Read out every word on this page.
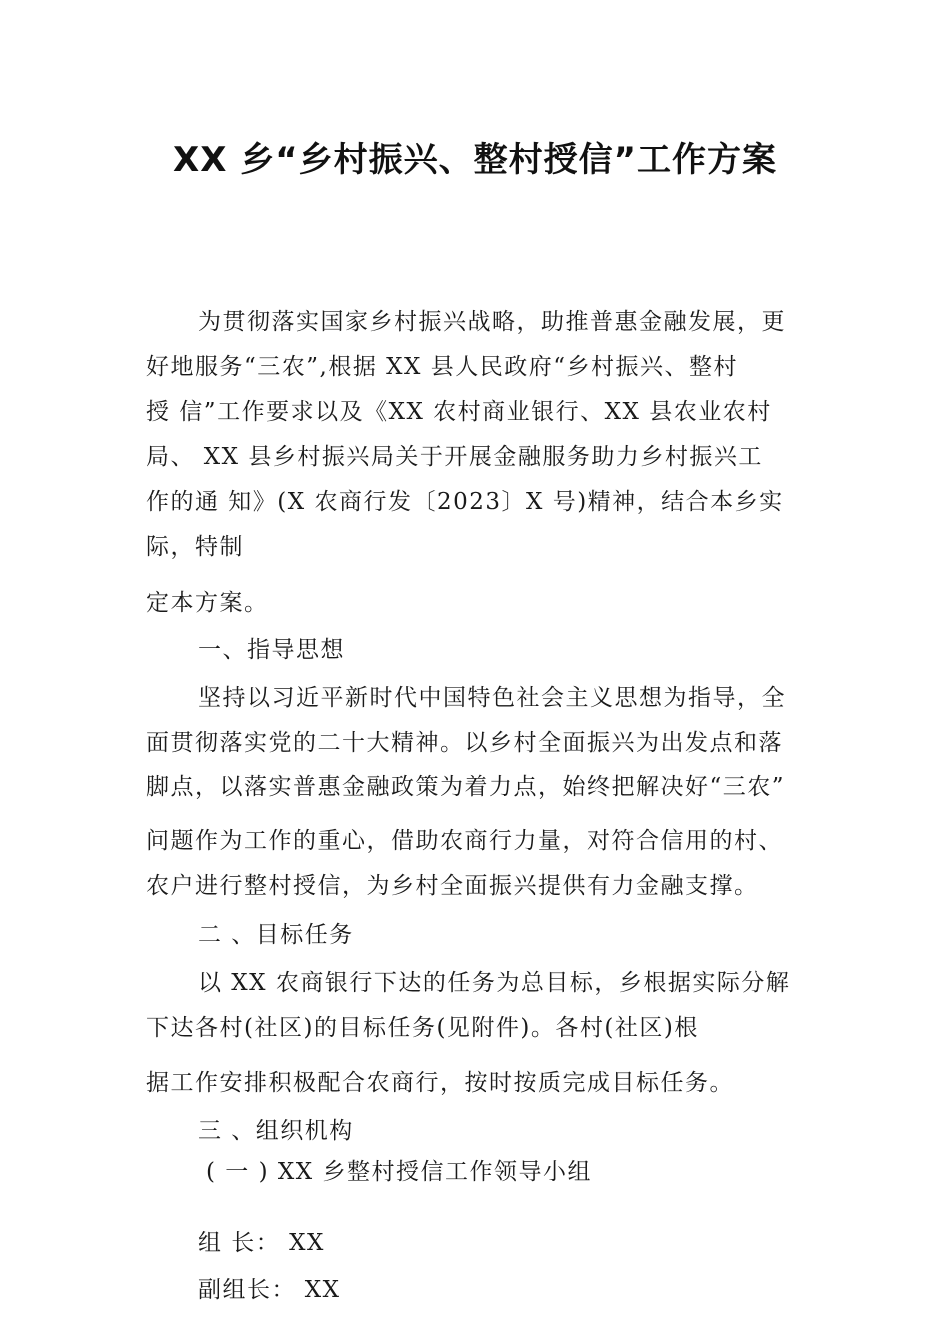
XX 乡“乡村振兴、整村授信”工作方案
为贯彻落实国家乡村振兴战略，助推普惠金融发展，更
好地服务“三农”,根据 XX 县人民政府“乡村振兴、整村
授 信”工作要求以及《XX 农村商业银行、XX 县农业农村
局、 XX 县乡村振兴局关于开展金融服务助力乡村振兴工
作的通 知》(X 农商行发〔2023〕X 号)精神，结合本乡实
际，特制
定本方案。
一、指导思想
坚持以习近平新时代中国特色社会主义思想为指导，全
面贯彻落实党的二十大精神。以乡村全面振兴为出发点和落
脚点，以落实普惠金融政策为着力点，始终把解决好“三农”
问题作为工作的重心，借助农商行力量，对符合信用的村、
农户进行整村授信，为乡村全面振兴提供有力金融支撑。
二 、目标任务
以 XX 农商银行下达的任务为总目标，乡根据实际分解
下达各村(社区)的目标任务(见附件)。各村(社区)根
据工作安排积极配合农商行，按时按质完成目标任务。
三 、组织机构
( 一 ) XX 乡整村授信工作领导小组
组 长： XX
副组长： XX
